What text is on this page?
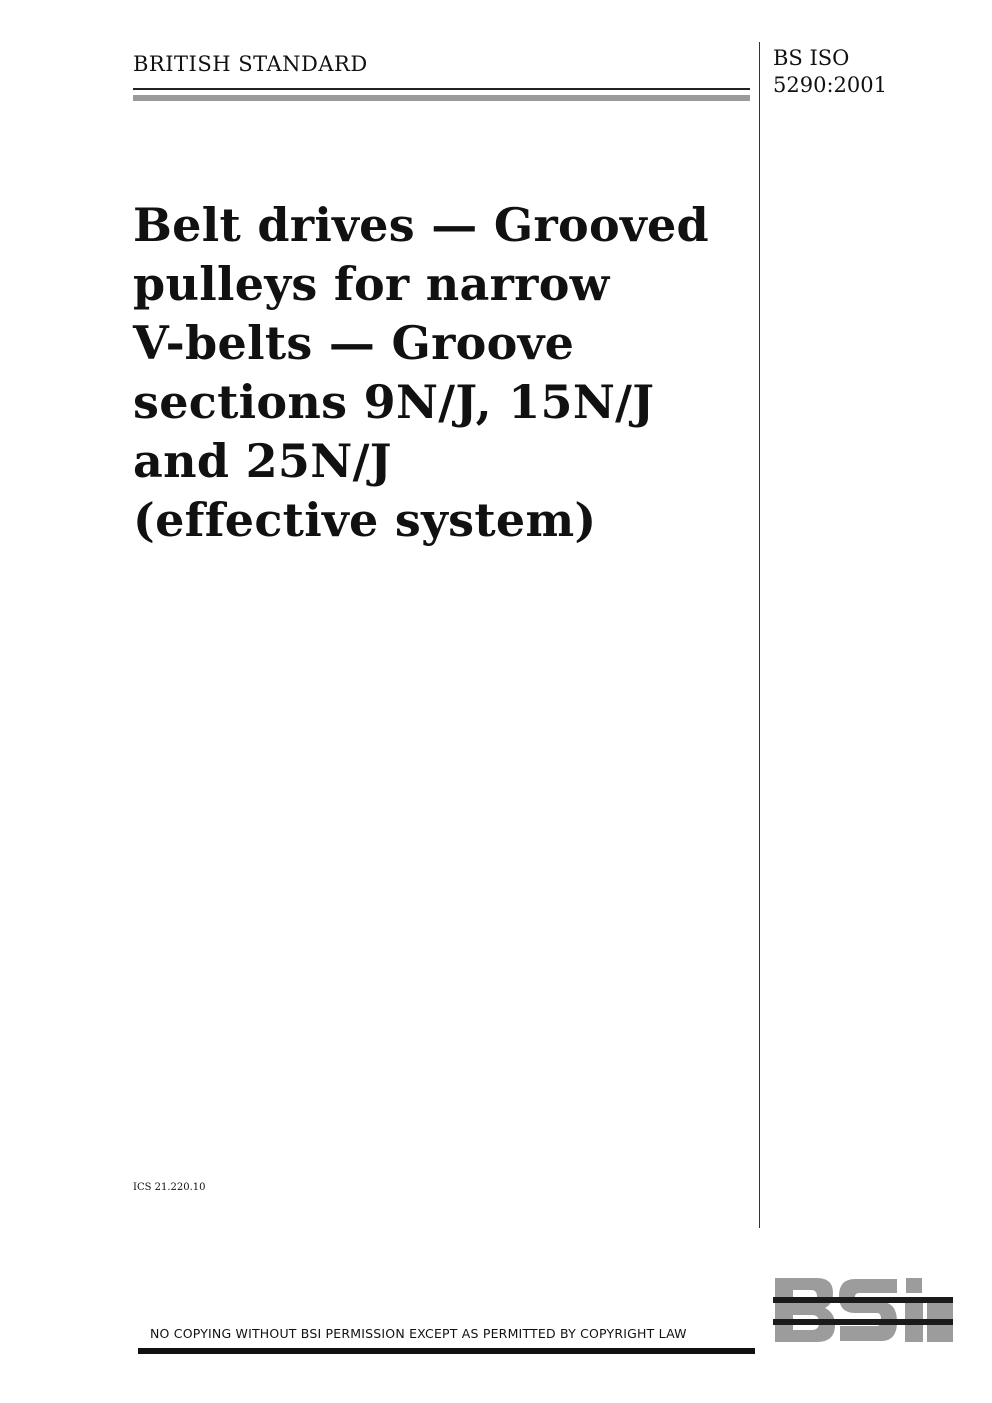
BRITISH STANDARD	BS ISO
5290:2001
Belt drives — Grooved
pulleys for narrow
V-belts — Groove
sections 9N/J, 15N/J
and 25N/J
(effective system)
ICS 21.220.10
NO COPYING WITHOUT BSI PERMISSION EXCEPT AS PERMITTED BY COPYRIGHT LAW
